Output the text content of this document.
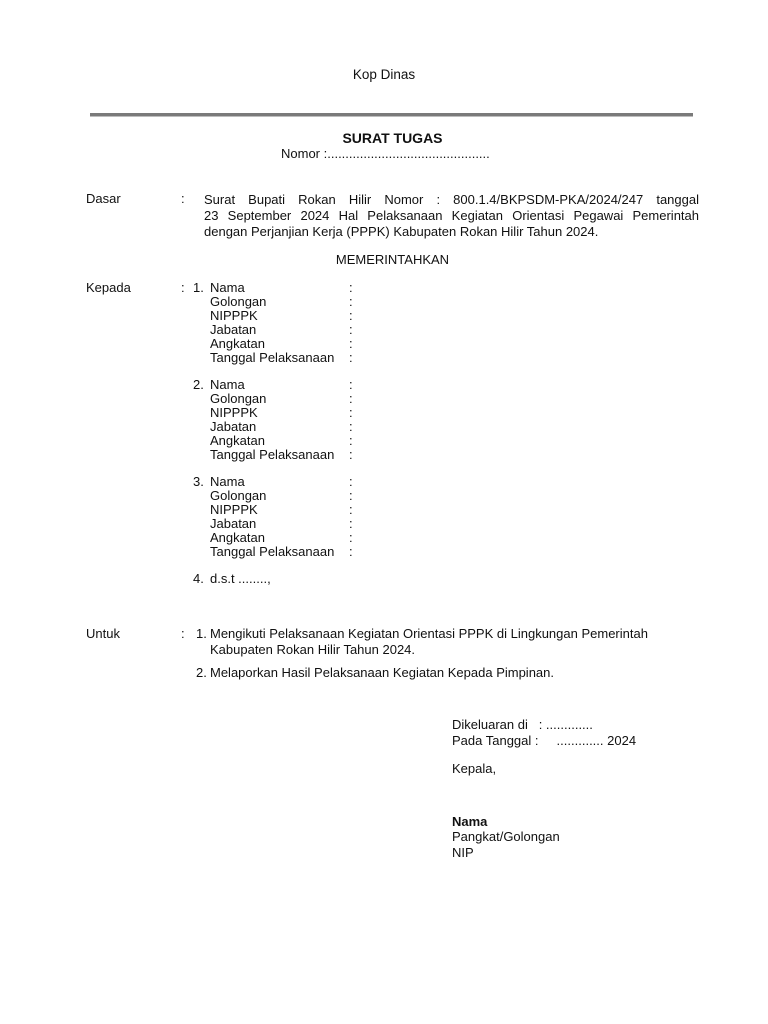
Kop Dinas
SURAT TUGAS
Nomor :.............................................
Dasar	: Surat Bupati Rokan Hilir Nomor : 800.1.4/BKPSDM-PKA/2024/247 tanggal
23 September 2024 Hal Pelaksanaan Kegiatan Orientasi Pegawai Pemerintah
dengan Perjanjian Kerja (PPPK) Kabupaten Rokan Hilir Tahun 2024.
MEMERINTAHKAN
Kepada	: 1. Nama	:
Golongan	:
NIPPPK	:
Jabatan	:
Angkatan	:
Tanggal Pelaksanaan :
2. Nama	:
Golongan	:
NIPPPK	:
Jabatan	:
Angkatan	:
Tanggal Pelaksanaan :
3. Nama	:
Golongan	:
NIPPPK	:
Jabatan	:
Angkatan	:
Tanggal Pelaksanaan :
4. d.s.t ........,
Untuk	: 1. Mengikuti Pelaksanaan Kegiatan Orientasi PPPK di Lingkungan Pemerintah
Kabupaten Rokan Hilir Tahun 2024.
2. Melaporkan Hasil Pelaksanaan Kegiatan Kepada Pimpinan.
Dikeluaran di   : .............
Pada Tanggal :     ............. 2024
Kepala,
Nama
Pangkat/Golongan
NIP
